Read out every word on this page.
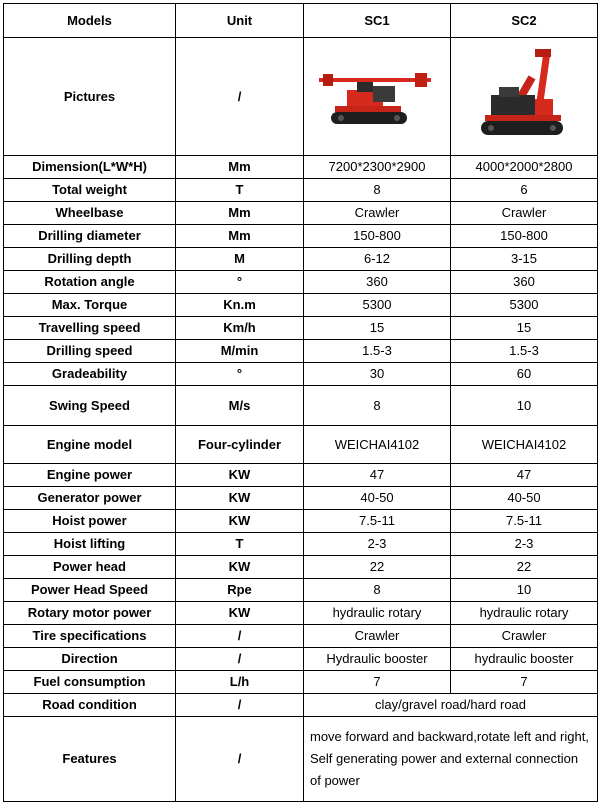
Models	Unit	SC1	SC2
Pictures	/	

Dimension(L*W*H)	Mm	7200*2300*2900	4000*2000*2800
Total weight	T	8	6
Wheelbase	Mm	Crawler	Crawler
Drilling diameter	Mm	150-800	150-800
Drilling depth	M	6-12	3-15
Rotation angle	°	360	360
Max. Torque	Kn.m	5300	5300
Travelling speed	Km/h	15	15
Drilling speed	M/min	1.5-3	1.5-3
Gradeability	°	30	60
Swing Speed	M/s	8	10
Engine model	Four-cylinder	WEICHAI4102	WEICHAI4102
Engine power	KW	47	47
Generator power	KW	40-50	40-50
Hoist power	KW	7.5-11	7.5-11
Hoist lifting	T	2-3	2-3
Power head	KW	22	22
Power Head Speed	Rpe	8	10
Rotary motor power	KW	hydraulic rotary	hydraulic rotary
Tire specifications	/	Crawler	Crawler
Direction	/	Hydraulic booster	hydraulic booster
Fuel consumption	L/h	7	7
Road condition	/	clay/gravel road/hard road	
Features	/	move forward and backward,rotate left and right, Self generating power and external connection of power	
